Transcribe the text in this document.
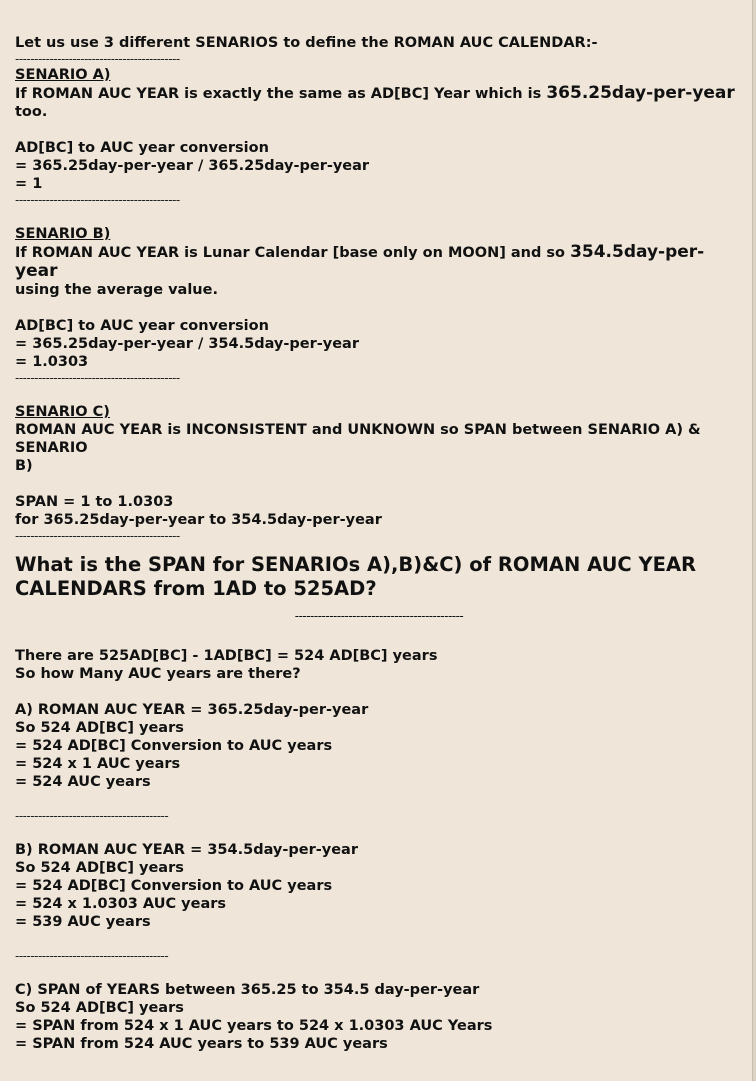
Let us use 3 different SENARIOS to define the ROMAN AUC CALENDAR:-
-------------------------------------------
SENARIO A)
If ROMAN AUC YEAR is exactly the same as AD[BC] Year which is 365.25day-per-year too.
AD[BC] to AUC year conversion
= 365.25day-per-year / 365.25day-per-year
= 1
-------------------------------------------
SENARIO B)
If ROMAN AUC YEAR is Lunar Calendar [base only on MOON] and so 354.5day-per-year
using the average value.
AD[BC] to AUC year conversion
= 365.25day-per-year / 354.5day-per-year
= 1.0303
-------------------------------------------
SENARIO C)
ROMAN AUC YEAR is INCONSISTENT and UNKNOWN so SPAN between SENARIO A) & SENARIO
B)
SPAN = 1 to 1.0303
for 365.25day-per-year to 354.5day-per-year
-------------------------------------------
What is the SPAN for SENARIOs A),B)&C) of ROMAN AUC YEAR
CALENDARS from 1AD to 525AD?
--------------------------------------------
There are 525AD[BC] - 1AD[BC] = 524 AD[BC] years
So how Many AUC years are there?
A) ROMAN AUC YEAR = 365.25day-per-year
So 524 AD[BC] years
= 524 AD[BC] Conversion to AUC years
= 524 x 1 AUC years
= 524 AUC years
----------------------------------------
B) ROMAN AUC YEAR = 354.5day-per-year
So 524 AD[BC] years
= 524 AD[BC] Conversion to AUC years
= 524 x 1.0303 AUC years
= 539 AUC years
----------------------------------------
C) SPAN of YEARS between 365.25 to 354.5 day-per-year
So 524 AD[BC] years
= SPAN from 524 x 1 AUC years to 524 x 1.0303 AUC Years
= SPAN from 524 AUC years to 539 AUC years
